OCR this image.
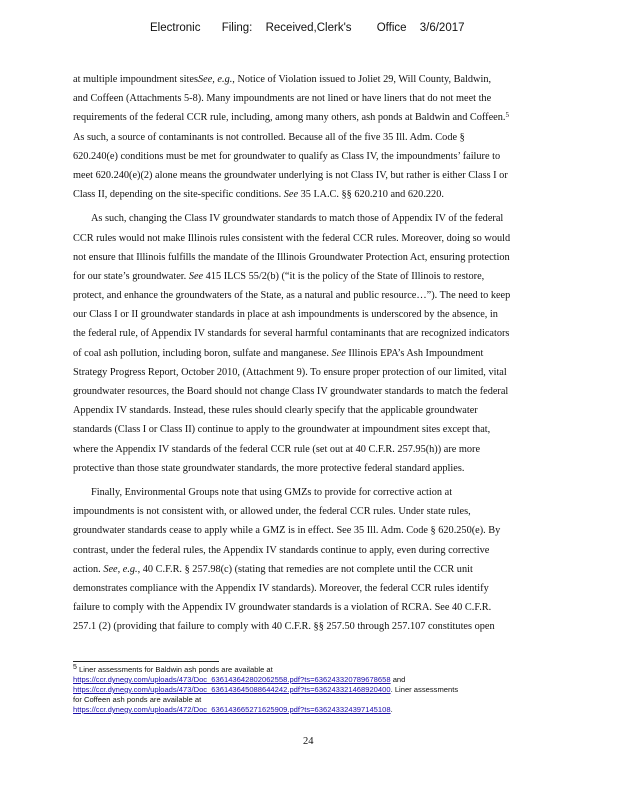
Electronic Filing: Received,Clerk's Office 3/6/2017
at multiple impoundment sitesSee, e.g., Notice of Violation issued to Joliet 29, Will County, Baldwin,
and Coffeen (Attachments 5-8). Many impoundments are not lined or have liners that do not meet the
requirements of the federal CCR rule, including, among many others, ash ponds at Baldwin and Coffeen.$^5$
As such, a source of contaminants is not controlled. Because all of the five 35 Ill. Adm. Code §
620.240(e) conditions must be met for groundwater to qualify as Class IV, the impoundments’ failure to
meet 620.240(e)(2) alone means the groundwater underlying is not Class IV, but rather is either Class I or
Class II, depending on the site-specific conditions. See 35 I.A.C. §§ 620.210 and 620.220.
As such, changing the Class IV groundwater standards to match those of Appendix IV of the federal
CCR rules would not make Illinois rules consistent with the federal CCR rules. Moreover, doing so would
not ensure that Illinois fulfills the mandate of the Illinois Groundwater Protection Act, ensuring protection
for our state’s groundwater. See 415 ILCS 55/2(b) (“it is the policy of the State of Illinois to restore,
protect, and enhance the groundwaters of the State, as a natural and public resource…”). The need to keep
our Class I or II groundwater standards in place at ash impoundments is underscored by the absence, in
the federal rule, of Appendix IV standards for several harmful contaminants that are recognized indicators
of coal ash pollution, including boron, sulfate and manganese. See Illinois EPA’s Ash Impoundment
Strategy Progress Report, October 2010, (Attachment 9). To ensure proper protection of our limited, vital
groundwater resources, the Board should not change Class IV groundwater standards to match the federal
Appendix IV standards. Instead, these rules should clearly specify that the applicable groundwater
standards (Class I or Class II) continue to apply to the groundwater at impoundment sites except that,
where the Appendix IV standards of the federal CCR rule (set out at 40 C.F.R. 257.95(h)) are more
protective than those state groundwater standards, the more protective federal standard applies.
Finally, Environmental Groups note that using GMZs to provide for corrective action at
impoundments is not consistent with, or allowed under, the federal CCR rules. Under state rules,
groundwater standards cease to apply while a GMZ is in effect. See 35 Ill. Adm. Code § 620.250(e). By
contrast, under the federal rules, the Appendix IV standards continue to apply, even during corrective
action. See, e.g., 40 C.F.R. § 257.98(c) (stating that remedies are not complete until the CCR unit
demonstrates compliance with the Appendix IV standards). Moreover, the federal CCR rules identify
failure to comply with the Appendix IV groundwater standards is a violation of RCRA. See 40 C.F.R.
257.1 (2) (providing that failure to comply with 40 C.F.R. §§ 257.50 through 257.107 constitutes open
5 Liner assessments for Baldwin ash ponds are available at
https://ccr.dynegy.com/uploads/473/Doc_636143642802062558.pdf?ts=636243320789678658 and
https://ccr.dynegy.com/uploads/473/Doc_636143645088644242.pdf?ts=636243321468920400. Liner assessments
for Coffeen ash ponds are available at
https://ccr.dynegy.com/uploads/472/Doc_636143665271625909.pdf?ts=636243324397145108.
24
